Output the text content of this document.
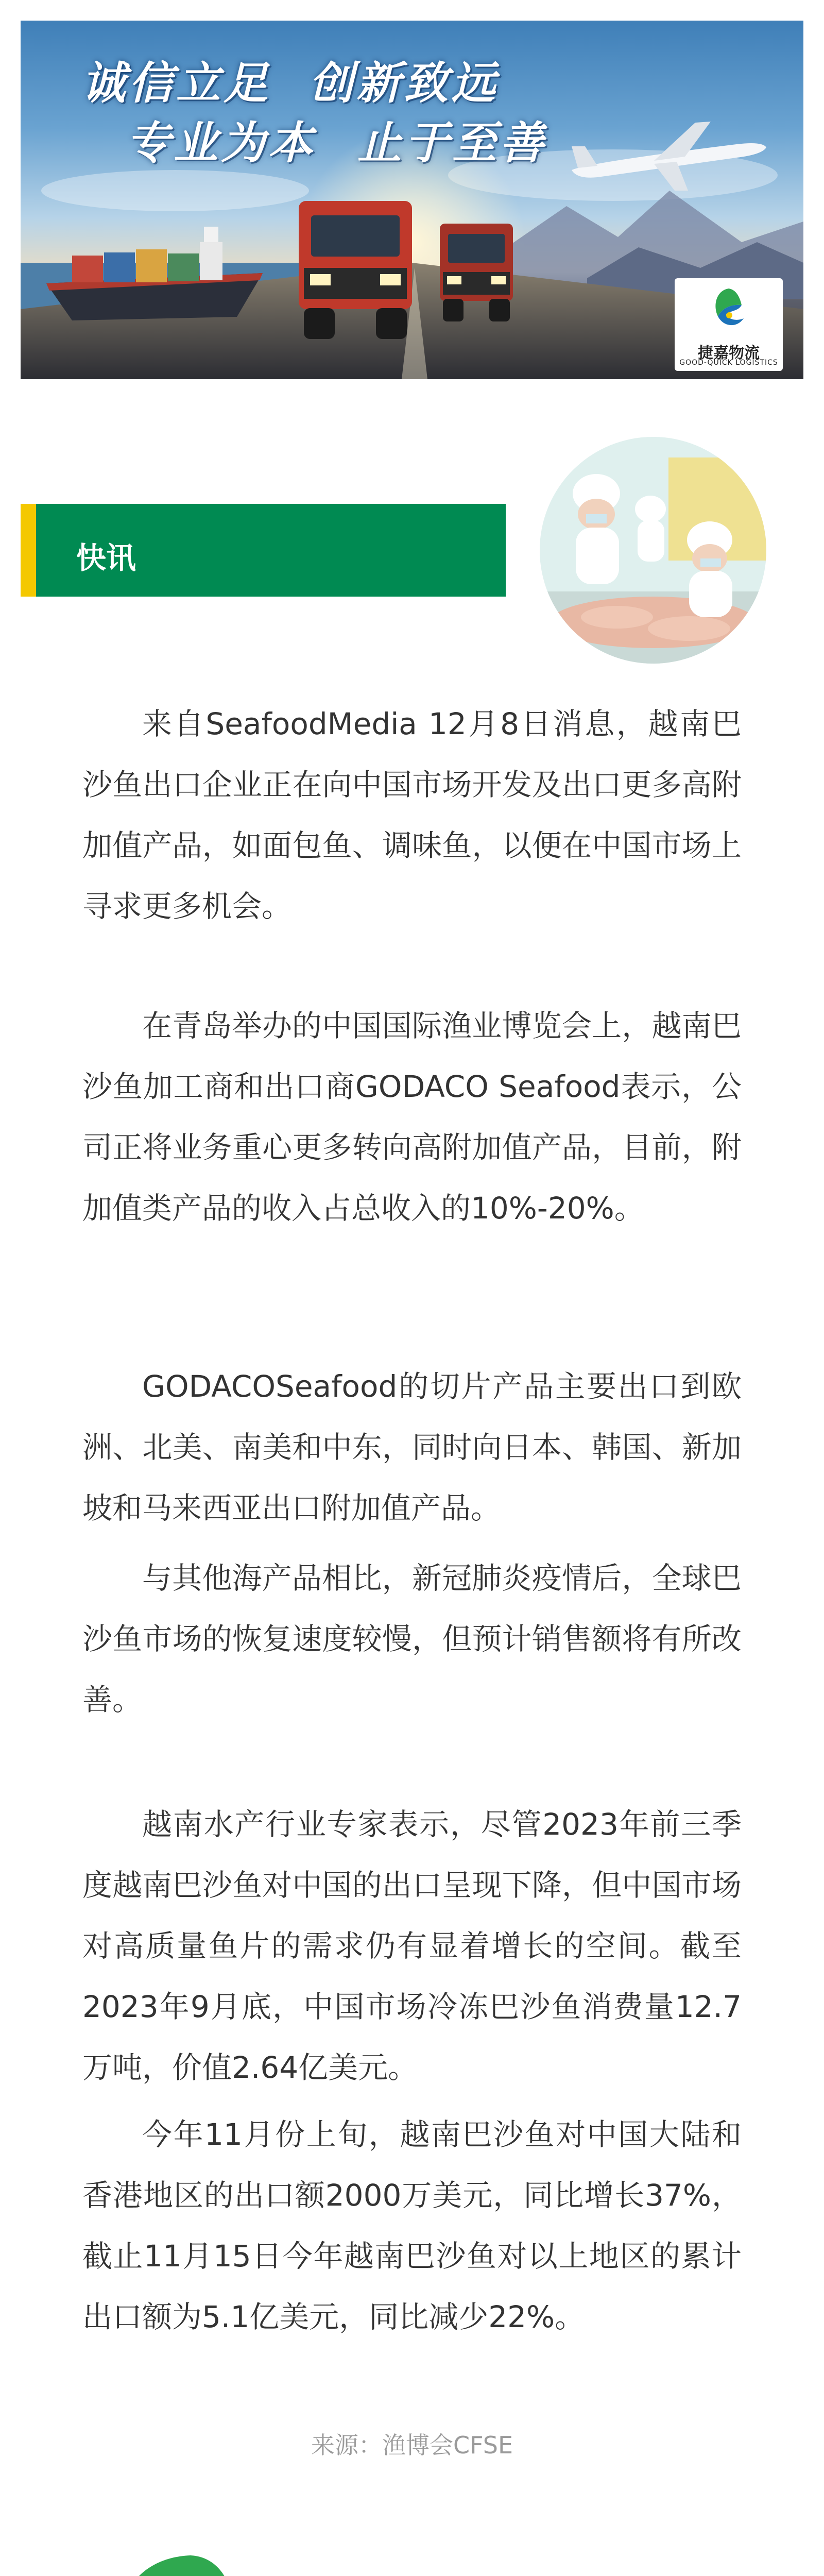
诚信立足 创新致远
专业为本 止于至善
捷嘉物流
GOOD-QUICK LOGISTICS
快讯

来自SeafoodMedia 12月8日消息，越南巴沙鱼出口企业正在向中国市场开发及出口更多高附加值产品，如面包鱼、调味鱼，以便在中国市场上寻求更多机会。

在青岛举办的中国国际渔业博览会上，越南巴沙鱼加工商和出口商GODACO Seafood表示，公司正将业务重心更多转向高附加值产品，目前，附加值类产品的收入占总收入的10%-20%。

GODACOSeafood的切片产品主要出口到欧洲、北美、南美和中东，同时向日本、韩国、新加坡和马来西亚出口附加值产品。

与其他海产品相比，新冠肺炎疫情后，全球巴沙鱼市场的恢复速度较慢，但预计销售额将有所改善。

越南水产行业专家表示，尽管2023年前三季度越南巴沙鱼对中国的出口呈现下降，但中国市场对高质量鱼片的需求仍有显着增长的空间。截至2023年9月底，中国市场冷冻巴沙鱼消费量12.7万吨，价值2.64亿美元。

今年11月份上旬，越南巴沙鱼对中国大陆和香港地区的出口额2000万美元，同比增长37%，截止11月15日今年越南巴沙鱼对以上地区的累计出口额为5.1亿美元，同比减少22%。

来源：渔博会CFSE
